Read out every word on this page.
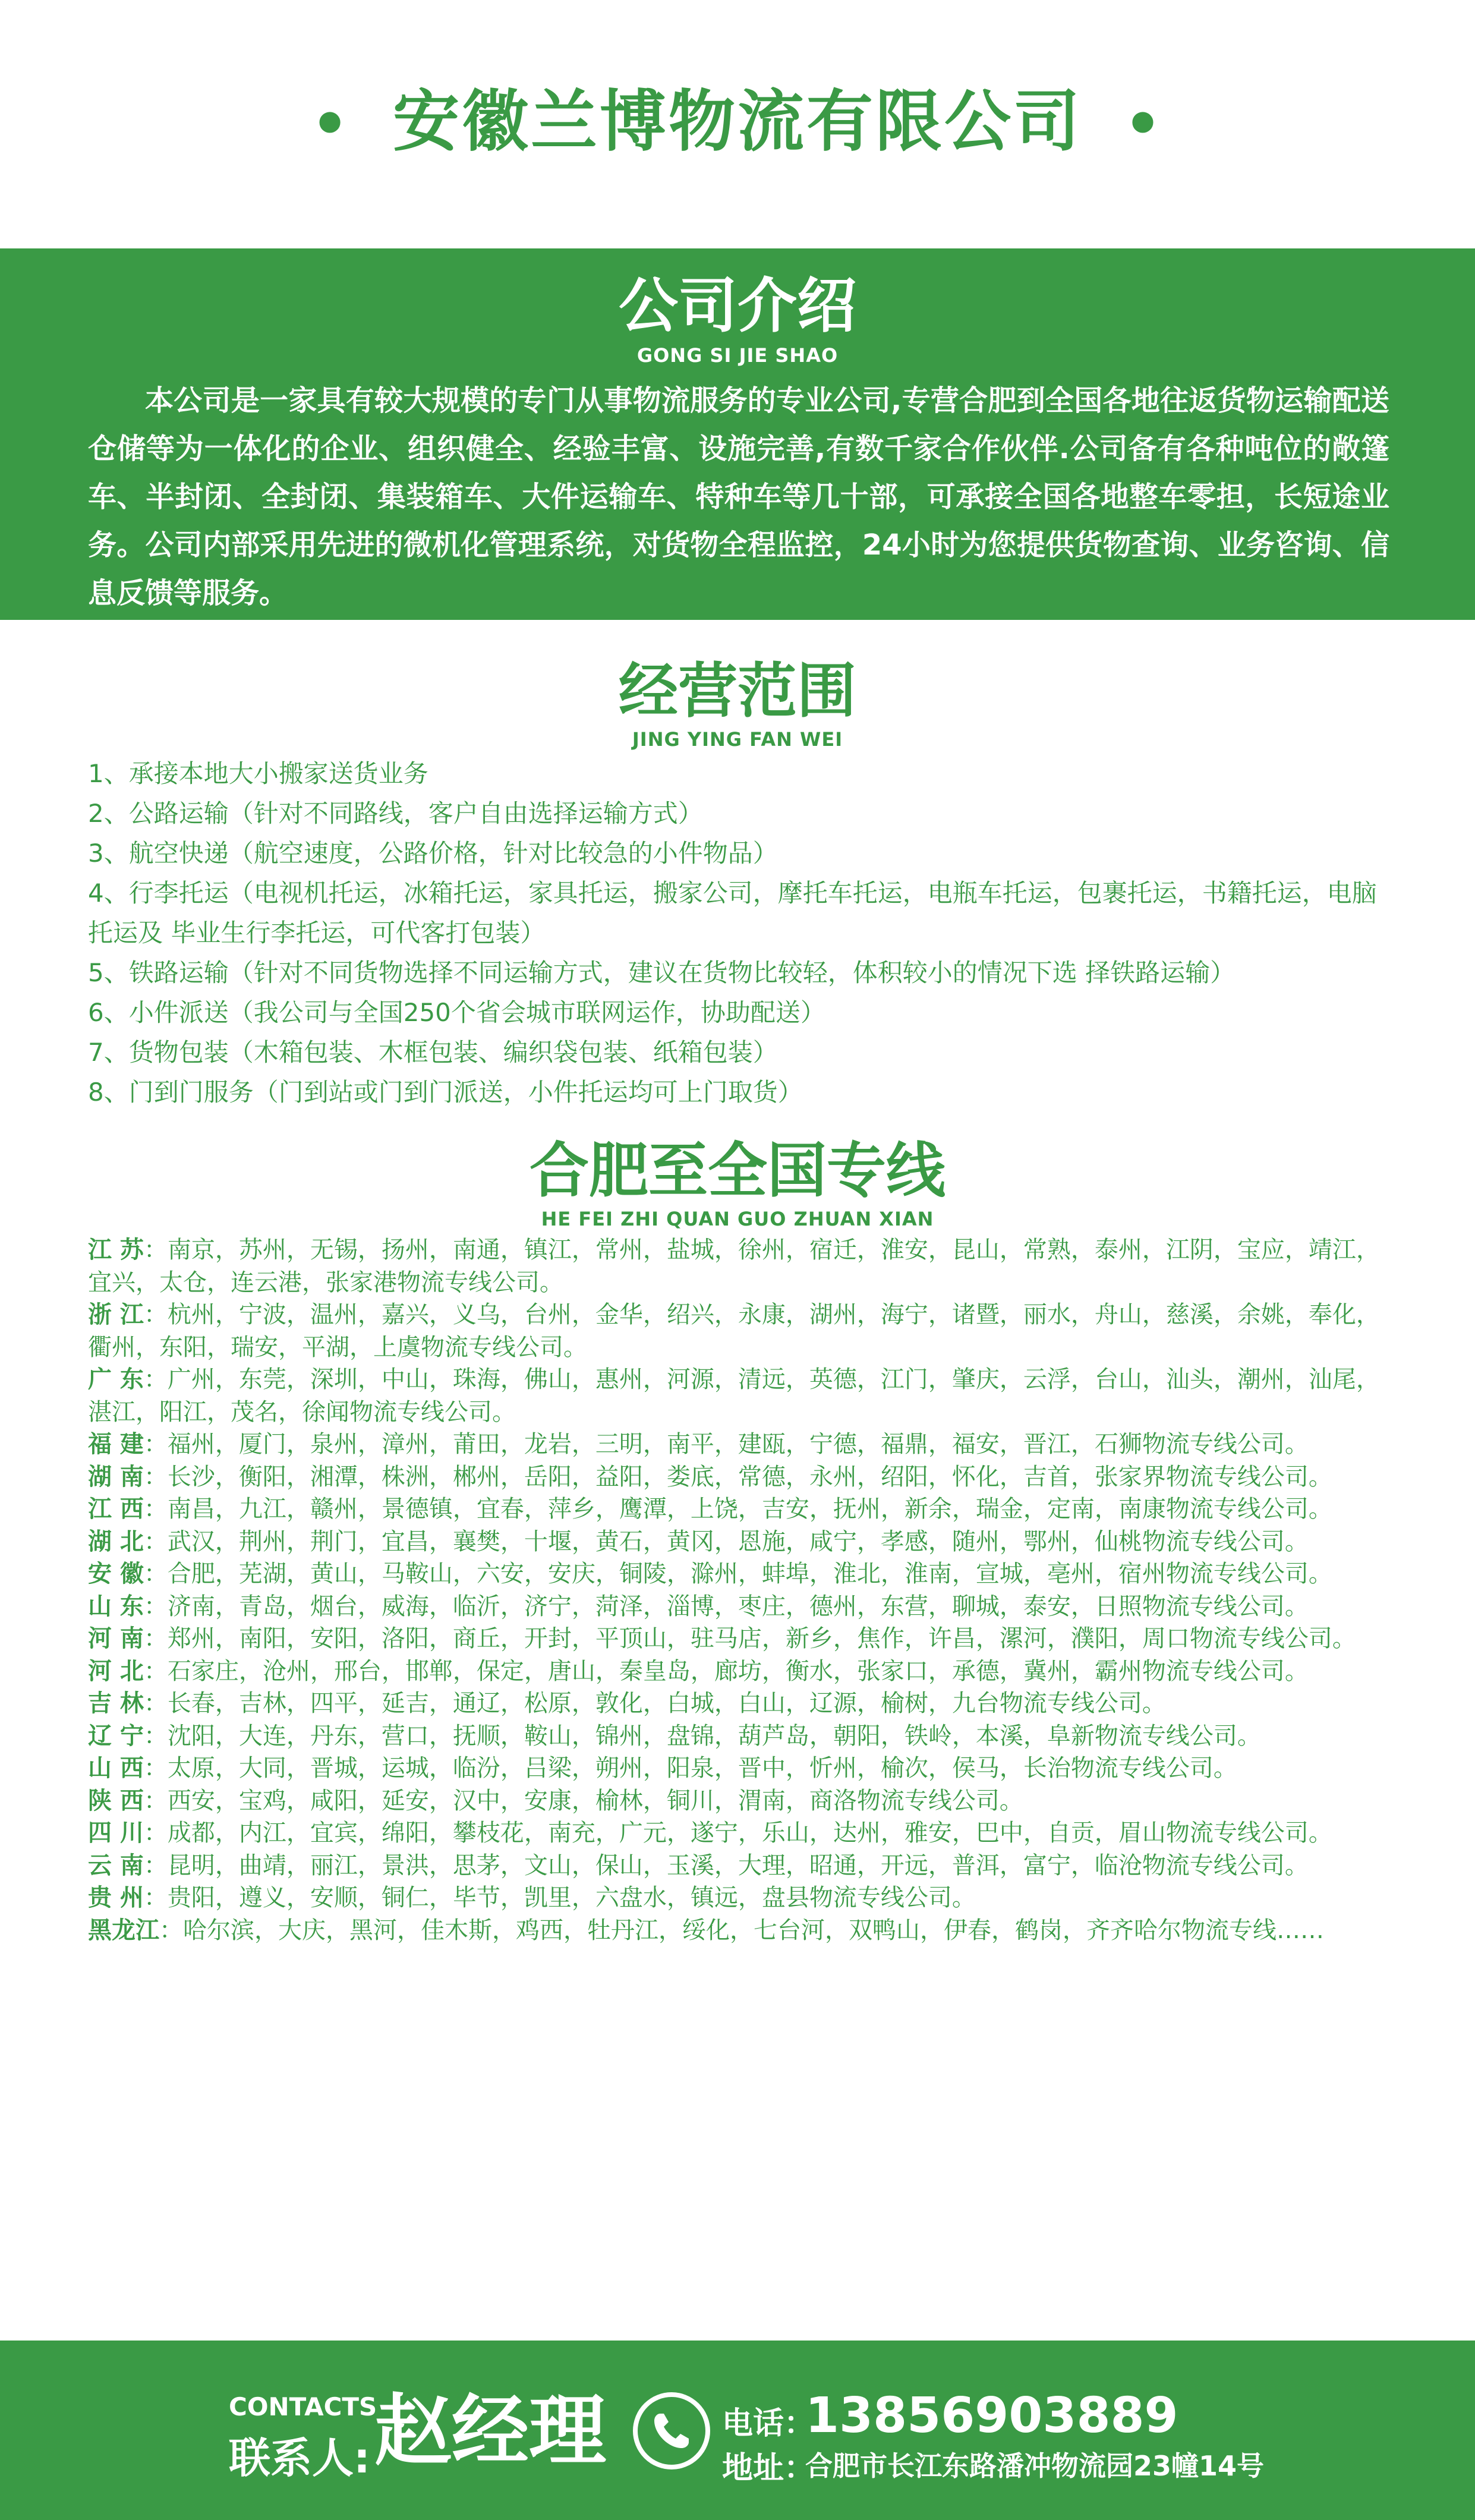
• 安徽兰博物流有限公司 •
公司介绍
GONG SI JIE SHAO
本公司是一家具有较大规模的专门从事物流服务的专业公司,专营合肥到全国各地往返货物运输配送仓储等为一体化的企业、组织健全、经验丰富、设施完善,有数千家合作伙伴.公司备有各种吨位的敞篷车、半封闭、全封闭、集装箱车、大件运输车、特种车等几十部，可承接全国各地整车零担，长短途业务。公司内部采用先进的微机化管理系统，对货物全程监控，24小时为您提供货物查询、业务咨询、信息反馈等服务。
经营范围
JING YING FAN WEI
1、承接本地大小搬家送货业务
2、公路运输（针对不同路线，客户自由选择运输方式）
3、航空快递（航空速度，公路价格，针对比较急的小件物品）
4、行李托运（电视机托运，冰箱托运，家具托运，搬家公司，摩托车托运，电瓶车托运，包裹托运，书籍托运，电脑托运及 毕业生行李托运，可代客打包装）
5、铁路运输（针对不同货物选择不同运输方式，建议在货物比较轻，体积较小的情况下选 择铁路运输）
6、小件派送（我公司与全国250个省会城市联网运作，协助配送）
7、货物包装（木箱包装、木框包装、编织袋包装、纸箱包装）
8、门到门服务（门到站或门到门派送，小件托运均可上门取货）
合肥至全国专线
HE FEI ZHI QUAN GUO ZHUAN XIAN

江 苏：南京，苏州，无锡，扬州，南通，镇江，常州，盐城，徐州，宿迁，淮安，昆山，常熟，泰州，江阴，宝应，靖江，宜兴，太仓，连云港，张家港物流专线公司。

浙 江：杭州，宁波，温州，嘉兴，义乌，台州，金华，绍兴，永康，湖州，海宁，诸暨，丽水，舟山，慈溪，余姚，奉化，衢州，东阳，瑞安，平湖，上虞物流专线公司。

广 东：广州，东莞，深圳，中山，珠海，佛山，惠州，河源，清远，英德，江门，肇庆，云浮，台山，汕头，潮州，汕尾，湛江，阳江，茂名，徐闻物流专线公司。

福 建：福州，厦门，泉州，漳州，莆田，龙岩，三明，南平，建瓯，宁德，福鼎，福安，晋江，石狮物流专线公司。

湖 南：长沙，衡阳，湘潭，株洲，郴州，岳阳，益阳，娄底，常德，永州，绍阳，怀化，吉首，张家界物流专线公司。

江 西：南昌，九江，赣州，景德镇，宜春，萍乡，鹰潭，上饶，吉安，抚州，新余，瑞金，定南，南康物流专线公司。

湖 北：武汉，荆州，荆门，宜昌，襄樊，十堰，黄石，黄冈，恩施，咸宁，孝感，随州，鄂州，仙桃物流专线公司。

安 徽：合肥，芜湖，黄山，马鞍山，六安，安庆，铜陵，滁州，蚌埠，淮北，淮南，宣城，亳州，宿州物流专线公司。

山 东：济南，青岛，烟台，威海，临沂，济宁，菏泽，淄博，枣庄，德州，东营，聊城，泰安，日照物流专线公司。

河 南：郑州，南阳，安阳，洛阳，商丘，开封，平顶山，驻马店，新乡，焦作，许昌，漯河，濮阳，周口物流专线公司。

河 北：石家庄，沧州，邢台，邯郸，保定，唐山，秦皇岛，廊坊，衡水，张家口，承德，冀州，霸州物流专线公司。

吉 林：长春，吉林，四平，延吉，通辽，松原，敦化，白城，白山，辽源，榆树，九台物流专线公司。

辽 宁：沈阳，大连，丹东，营口，抚顺，鞍山，锦州，盘锦，葫芦岛，朝阳，铁岭，本溪，阜新物流专线公司。

山 西：太原，大同，晋城，运城，临汾，吕梁，朔州，阳泉，晋中，忻州，榆次，侯马，长治物流专线公司。

陕 西：西安，宝鸡，咸阳，延安，汉中，安康，榆林，铜川，渭南，商洛物流专线公司。

四 川：成都，内江，宜宾，绵阳，攀枝花，南充，广元，遂宁，乐山，达州，雅安，巴中，自贡，眉山物流专线公司。

云 南：昆明，曲靖，丽江，景洪，思茅，文山，保山，玉溪，大理，昭通，开远，普洱，富宁，临沧物流专线公司。

贵 州：贵阳，遵义，安顺，铜仁，毕节，凯里，六盘水，镇远，盘县物流专线公司。

黑龙江：哈尔滨，大庆，黑河，佳木斯，鸡西，牡丹江，绥化，七台河，双鸭山，伊春，鹤岗，齐齐哈尔物流专线……

CONTACTS
联系人: 赵经理	电话：
13856903889
地址：
合肥市长江东路潘冲物流园23幢14号
